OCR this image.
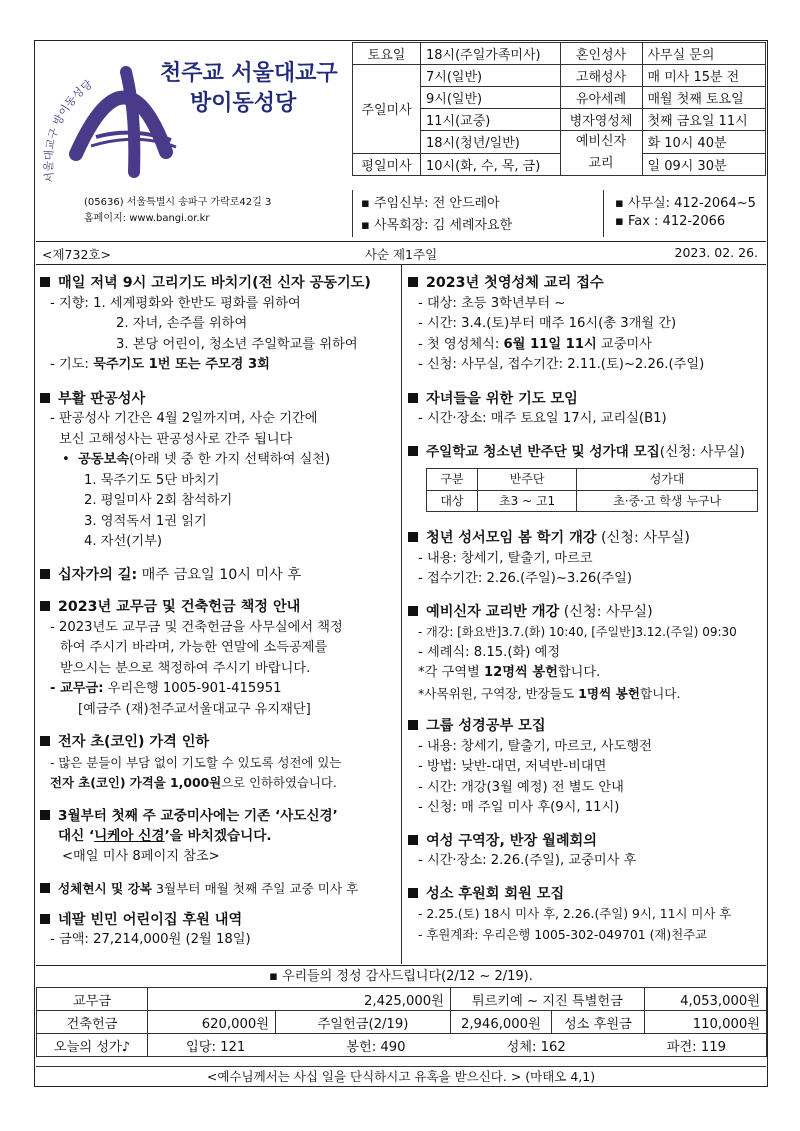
서울대교구 방이동성당	천주교 서울대교구
방이동성당
(05636) 서울특별시 송파구 가락로42길 3
홈페이지: www.bangi.or.kr
토요일	18시(주일가족미사)	혼인성사	사무실 문의
주일미사	7시(일반)	고해성사	매 미사 15분 전
	9시(일반)	유아세례	매월 첫째 토요일
	11시(교중)	병자영성체	첫째 금요일 11시
	18시(청년/일반)	예비신자
교리	화 10시 40분
평일미사	10시(화, 수, 목, 금)		일 09시 30분
▪ 주임신부: 전 안드레아
▪ 사목회장: 김 세례자요한
▪ 사무실: 412-2064~5
▪ Fax : 412-2066
<제732호>	사순 제1주일	2023. 02. 26.
매일 저녁 9시 고리기도 바치기(전 신자 공동기도)
- 지향: 1. 세계평화와 한반도 평화를 위하여
2. 자녀, 손주를 위하여
3. 본당 어린이, 청소년 주일학교를 위하여
- 기도: 묵주기도 1번 또는 주모경 3회
부활 판공성사
- 판공성사 기간은 4월 2일까지며, 사순 기간에
보신 고해성사는 판공성사로 간주 됩니다
•  공동보속(아래 넷 중 한 가지 선택하여 실천)
1. 묵주기도 5단 바치기
2. 평일미사 2회 참석하기
3. 영적독서 1권 읽기
4. 자선(기부)
십자가의 길: 매주 금요일 10시 미사 후
2023년 교무금 및 건축헌금 책정 안내
- 2023년도 교무금 및 건축헌금을 사무실에서 책정
하여 주시기 바라며, 가능한 연말에 소득공제를
받으시는 분으로 책정하여 주시기 바랍니다.
- 교무금: 우리은행 1005-901-415951
[예금주 (재)천주교서울대교구 유지재단]
전자 초(코인) 가격 인하
- 많은 분들이 부담 없이 기도할 수 있도록 성전에 있는
전자 초(코인) 가격을 1,000원으로 인하하였습니다.
3월부터 첫째 주 교중미사에는 기존 ‘사도신경’
대신 ‘니케아 신경’을 바치겠습니다.
<매일 미사 8페이지 참조>
성체현시 및 강복 3월부터 매월 첫째 주일 교중 미사 후
네팔 빈민 어린이집 후원 내역
- 금액: 27,214,000원 (2월 18일)
2023년 첫영성체 교리 접수
- 대상: 초등 3학년부터 ~
- 시간: 3.4.(토)부터 매주 16시(총 3개월 간)
- 첫 영성체식: 6월 11일 11시 교중미사
- 신청: 사무실, 접수기간: 2.11.(토)~2.26.(주일)
자녀들을 위한 기도 모임
- 시간·장소: 매주 토요일 17시, 교리실(B1)
주일학교 청소년 반주단 및 성가대 모집(신청: 사무실)
구분	반주단	성가대
대상	초3 ~ 고1	초·중·고 학생 누구나
청년 성서모임 봄 학기 개강 (신청: 사무실)
- 내용: 창세기, 탈출기, 마르코
- 접수기간: 2.26.(주일)~3.26(주일)
예비신자 교리반 개강 (신청: 사무실)
- 개강: [화요반]3.7.(화) 10:40, [주일반]3.12.(주일) 09:30
- 세례식: 8.15.(화) 예정
*각 구역별 12명씩 봉헌합니다.
*사목위원, 구역장, 반장들도 1명씩 봉헌합니다.
그룹 성경공부 모집
- 내용: 창세기, 탈출기, 마르코, 사도행전
- 방법: 낮반-대면, 저녁반-비대면
- 시간: 개강(3월 예정) 전 별도 안내
- 신청: 매 주일 미사 후(9시, 11시)
여성 구역장, 반장 월례회의
- 시간·장소: 2.26.(주일), 교중미사 후
성소 후원회 회원 모집
- 2.25.(토) 18시 미사 후, 2.26.(주일) 9시, 11시 미사 후
- 후원계좌: 우리은행 1005-302-049701 (재)천주교
▪ 우리들의 정성 감사드립니다(2/12 ~ 2/19).
교무금	2,425,000원		튀르키예 ~ 지진 특별헌금		4,053,000원
건축헌금	620,000원	주일헌금(2/19)	2,946,000원	성소 후원금	110,000원
오늘의 성가♪	입당: 121 봉헌: 490 성체: 162 파견: 119				
<예수님께서는 사십 일을 단식하시고 유혹을 받으신다. > (마태오 4,1)
